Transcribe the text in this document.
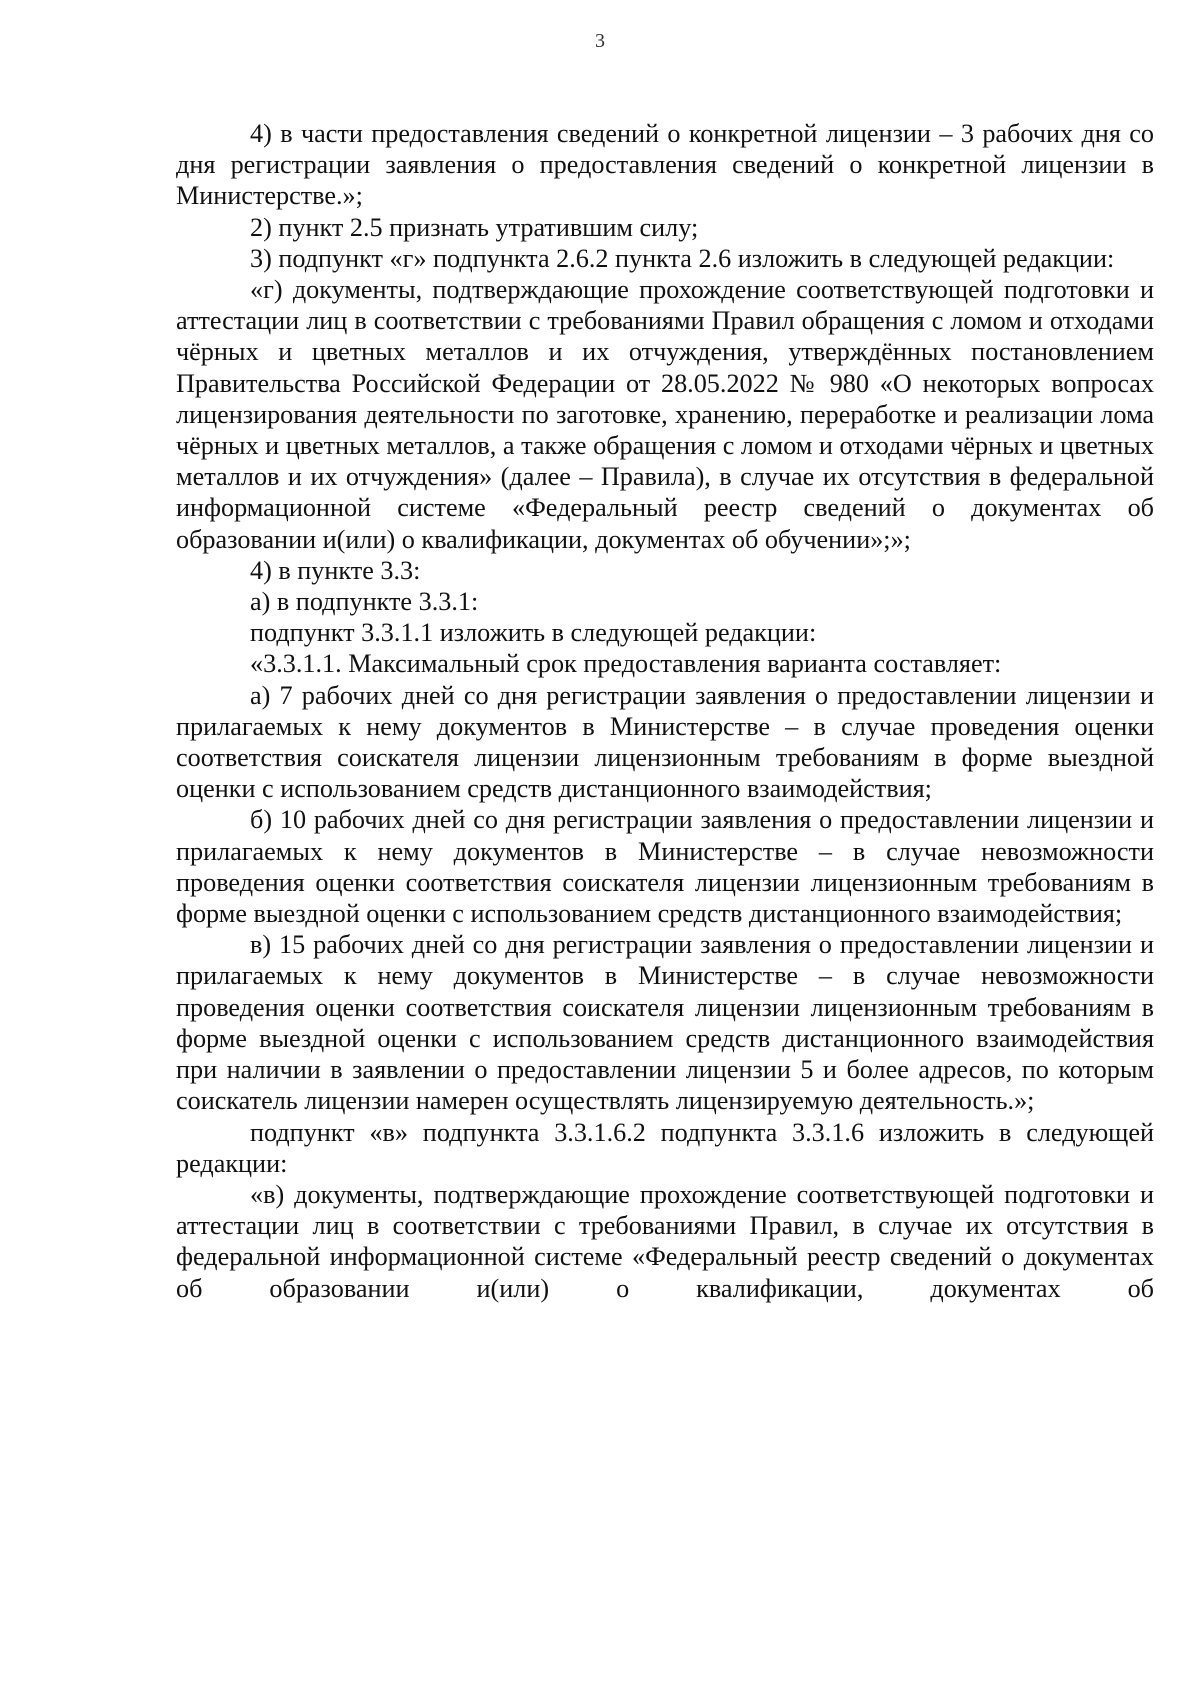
3

4) в части предоставления сведений о конкретной лицензии – 3 рабочих дня со дня регистрации заявления о предоставления сведений о конкретной лицензии в Министерстве.»;

2) пункт 2.5 признать утратившим силу;

3) подпункт «г» подпункта 2.6.2 пункта 2.6 изложить в следующей редакции:

«г) документы, подтверждающие прохождение соответствующей подготовки и аттестации лиц в соответствии с требованиями Правил обращения с ломом и отходами чёрных и цветных металлов и их отчуждения, утверждённых постановлением Правительства Российской Федерации от 28.05.2022 № 980 «О некоторых вопросах лицензирования деятельности по заготовке, хранению, переработке и реализации лома чёрных и цветных металлов, а также обращения с ломом и отходами чёрных и цветных металлов и их отчуждения» (далее – Правила), в случае их отсутствия в федеральной информационной системе «Федеральный реестр сведений о документах об образовании и(или) о квалификации, документах об обучении»;»;

4) в пункте 3.3:

а) в подпункте 3.3.1:

подпункт 3.3.1.1 изложить в следующей редакции:

«3.3.1.1. Максимальный срок предоставления варианта составляет:

а) 7 рабочих дней со дня регистрации заявления о предоставлении лицензии и прилагаемых к нему документов в Министерстве – в случае проведения оценки соответствия соискателя лицензии лицензионным требованиям в форме выездной оценки с использованием средств дистанционного взаимодействия;

б) 10 рабочих дней со дня регистрации заявления о предоставлении лицензии и прилагаемых к нему документов в Министерстве – в случае невозможности проведения оценки соответствия соискателя лицензии лицензионным требованиям в форме выездной оценки с использованием средств дистанционного взаимодействия;

в) 15 рабочих дней со дня регистрации заявления о предоставлении лицензии и прилагаемых к нему документов в Министерстве – в случае невозможности проведения оценки соответствия соискателя лицензии лицензионным требованиям в форме выездной оценки с использованием средств дистанционного взаимодействия при наличии в заявлении о предоставлении лицензии 5 и более адресов, по которым соискатель лицензии намерен осуществлять лицензируемую деятельность.»;

подпункт «в» подпункта 3.3.1.6.2 подпункта 3.3.1.6 изложить в следующей редакции:

«в) документы, подтверждающие прохождение соответствующей подготовки и аттестации лиц в соответствии с требованиями Правил, в случае их отсутствия в федеральной информационной системе «Федеральный реестр сведений о документах об образовании и(или) о квалификации, документах об
